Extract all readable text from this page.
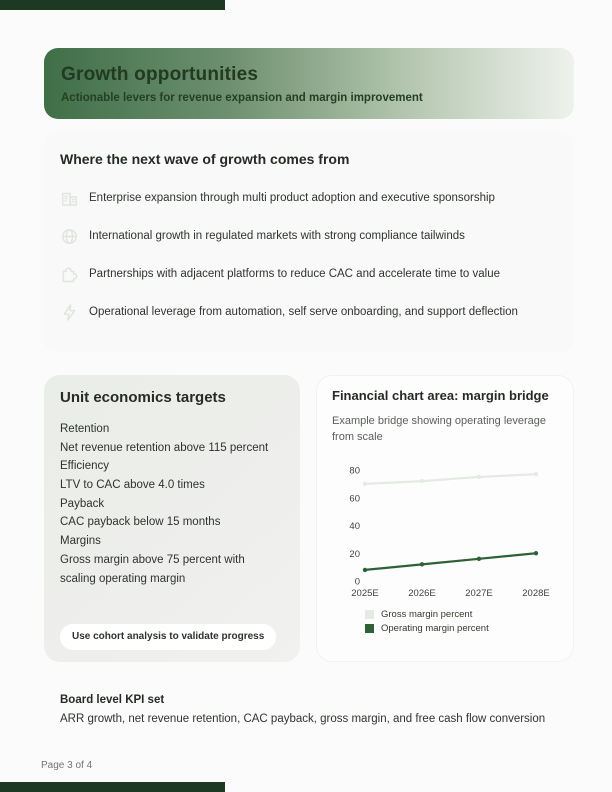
Growth opportunities

Actionable levers for revenue expansion and margin improvement

Where the next wave of growth comes from
Enterprise expansion through multi product adoption and executive sponsorship
International growth in regulated markets with strong compliance tailwinds
Partnerships with adjacent platforms to reduce CAC and accelerate time to value
Operational leverage from automation, self serve onboarding, and support deflection
Unit economics targets
Retention
Net revenue retention above 115 percent
Efficiency
LTV to CAC above 4.0 times
Payback
CAC payback below 15 months
Margins
Gross margin above 75 percent with
scaling operating margin
Use cohort analysis to validate progress
Financial chart area: margin bridge
Example bridge showing operating leverage from scale
0
20
40
60
80
2025E	2026E	2027E	2028E
Gross margin percent
Operating margin percent
Board level KPI set
ARR growth, net revenue retention, CAC payback, gross margin, and free cash flow conversion
Page 3 of 4
